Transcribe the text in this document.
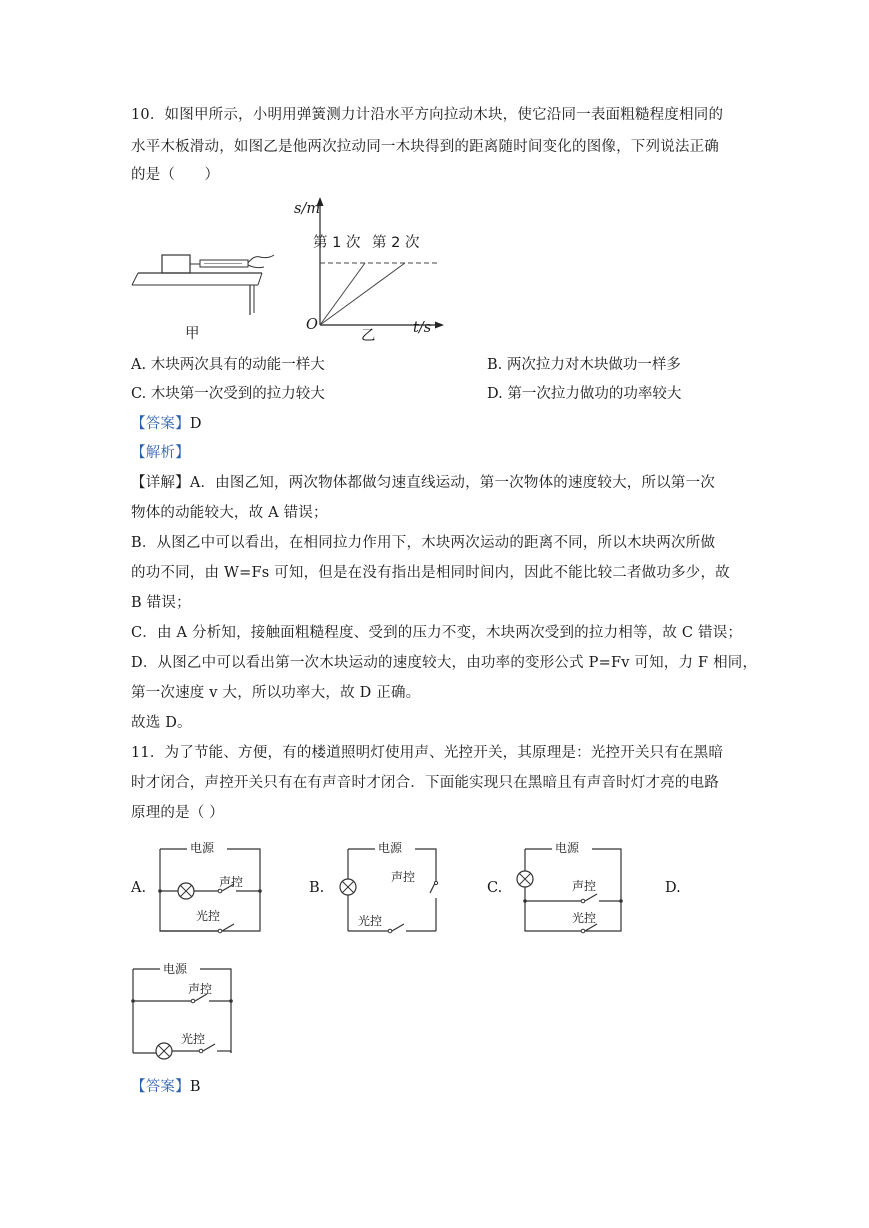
10．如图甲所示，小明用弹簧测力计沿水平方向拉动木块，使它沿同一表面粗糙程度相同的
水平木板滑动，如图乙是他两次拉动同一木块得到的距离随时间变化的图像，下列说法正确
的是（　　）
甲
s/m
t/s
O
第 1 次 第 2 次
乙
A. 木块两次具有的动能一样大	B. 两次拉力对木块做功一样多
C. 木块第一次受到的拉力较大	D. 第一次拉力做功的功率较大
【答案】D
【解析】
【详解】A．由图乙知，两次物体都做匀速直线运动，第一次物体的速度较大，所以第一次
物体的动能较大，故 A 错误；
B．从图乙中可以看出，在相同拉力作用下，木块两次运动的距离不同，所以木块两次所做
的功不同，由 W=Fs 可知，但是在没有指出是相同时间内，因此不能比较二者做功多少，故
B 错误；
C．由 A 分析知，接触面粗糙程度、受到的压力不变，木块两次受到的拉力相等，故 C 错误；
D．从图乙中可以看出第一次木块运动的速度较大，由功率的变形公式 P=Fv 可知，力 F 相同，
第一次速度 v 大，所以功率大，故 D 正确。
故选 D。
11．为了节能、方便，有的楼道照明灯使用声、光控开关，其原理是：光控开关只有在黑暗
时才闭合，声控开关只有在有声音时才闭合．下面能实现只在黑暗且有声音时灯才亮的电路
原理的是（ ）
A.	B.	C.	D.
电源
声控
光控
电源
声控
光控
电源
声控
光控
电源
声控
光控
【答案】B
